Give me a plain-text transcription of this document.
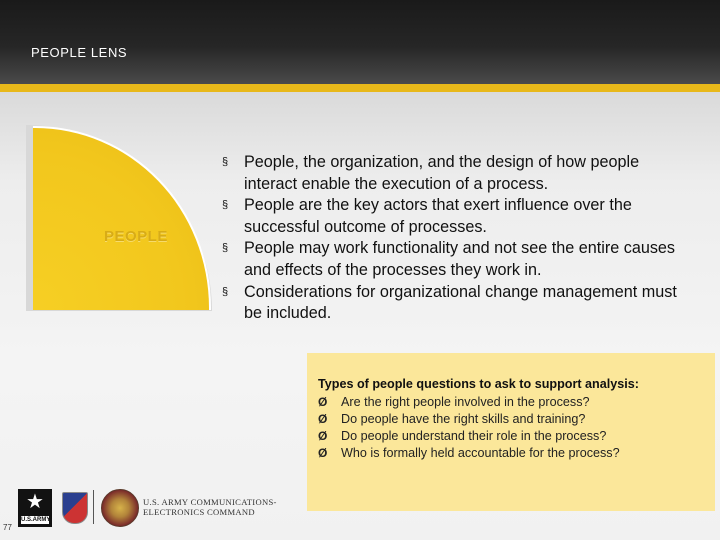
PEOPLE LENS
PEOPLE
§ People, the organization, and the design of how people interact enable the execution of a process.
§ People are the key actors that exert influence over the successful outcome of processes.
§ People may work functionality and not see the entire causes and effects of the processes they work in.
§ Considerations for organizational change management must be included.
Types of people questions to ask to support analysis:
Ø Are the right people involved in the process?
Ø Do people have the right skills and training?
Ø Do people understand their role in the process?
Ø Who is formally held accountable for the process?
★
U.S.ARMY
U.S. ARMY COMMUNICATIONS-
ELECTRONICS COMMAND
77
